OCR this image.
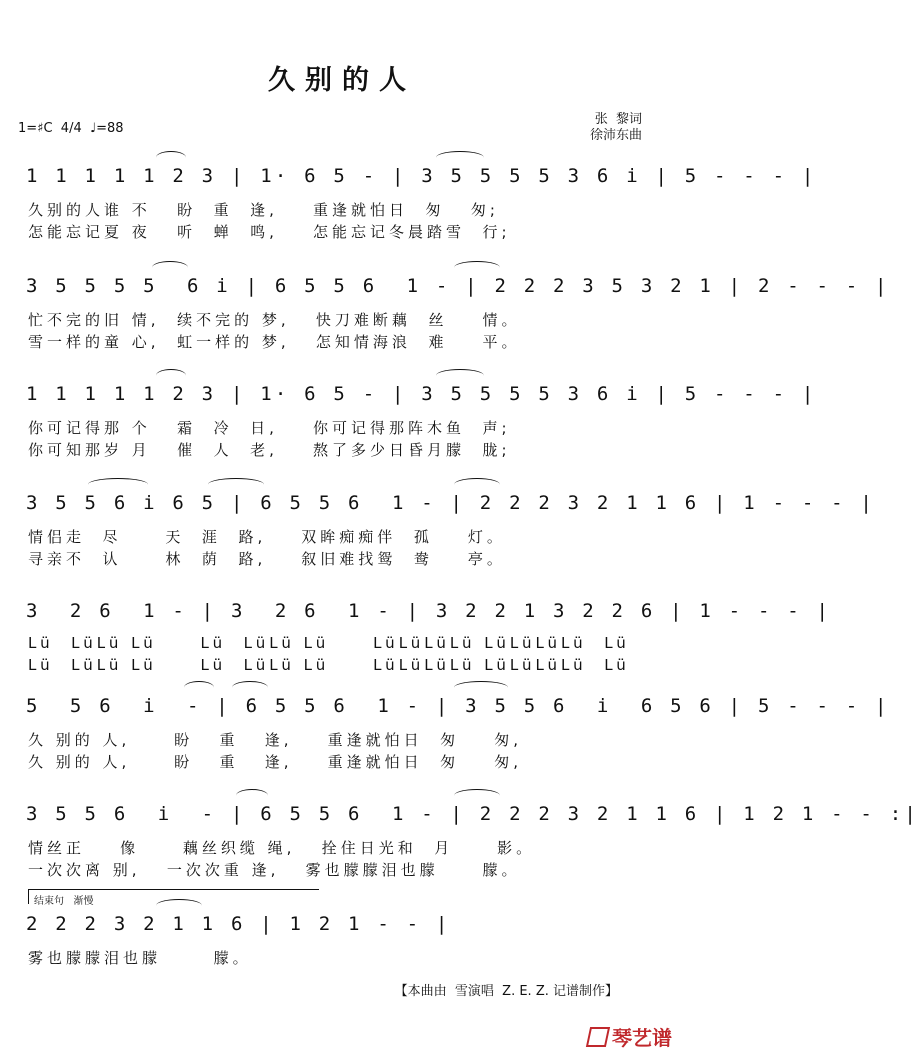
久别的人
张  黎词
徐沛东曲
1=♯C  4/4  ♩=88
1 1 1 1 1 2 3 | 1· 6 5 - | 3 5 5 5 5 3 6 i | 5 - - - |
久别的人谁 不   盼  重  逢,    重逢就怕日  匆   匆;
怎能忘记夏 夜   听  蝉  鸣,    怎能忘记冬晨踏雪  行;
3 5 5 5 5  6 i | 6 5 5 6  1 - | 2 2 2 3 5 3 2 1 | 2 - - - |
忙不完的旧 情,  续不完的 梦,   快刀难断藕  丝    情。
雪一样的童 心,  虹一样的 梦,   怎知情海浪  难    平。
1 1 1 1 1 2 3 | 1· 6 5 - | 3 5 5 5 5 3 6 i | 5 - - - |
你可记得那 个   霜  冷  日,    你可记得那阵木鱼  声;
你可知那岁 月   催  人  老,    熬了多少日昏月朦  胧;
3 5 5 6 i 6 5 | 6 5 5 6  1 - | 2 2 2 3 2 1 1 6 | 1 - - - |
情侣走  尽     天  涯  路,    双眸痴痴伴  孤    灯。
寻亲不  认     林  荫  路,    叙旧难找鸳  鸯    亭。
3  2 6  1 - | 3  2 6  1 - | 3 2 2 1 3 2 2 6 | 1 - - - |
Lü  LüLü Lü     Lü  LüLü Lü     LüLüLüLü LüLüLüLü  Lü
Lü  LüLü Lü     Lü  LüLü Lü     LüLüLüLü LüLüLüLü  Lü
5  5 6  i  - | 6 5 5 6  1 - | 3 5 5 6  i  6 5 6 | 5 - - - |
久 别的 人,     盼   重   逢,    重逢就怕日  匆    匆,
久 别的 人,     盼   重   逢,    重逢就怕日  匆    匆,
3 5 5 6  i  - | 6 5 5 6  1 - | 2 2 2 3 2 1 1 6 | 1 2 1 - - :|
情丝正    像     藕丝织缆 绳,   拴住日光和  月     影。
一次次离 别,   一次次重 逢,   雾也朦朦泪也朦     朦。
结束句   渐慢
2 2 2 3 2 1 1 6 | 1 2 1 - - |
雾也朦朦泪也朦      朦。
【本曲由  雪演唱  Z. E. Z. 记谱制作】
琴艺谱
